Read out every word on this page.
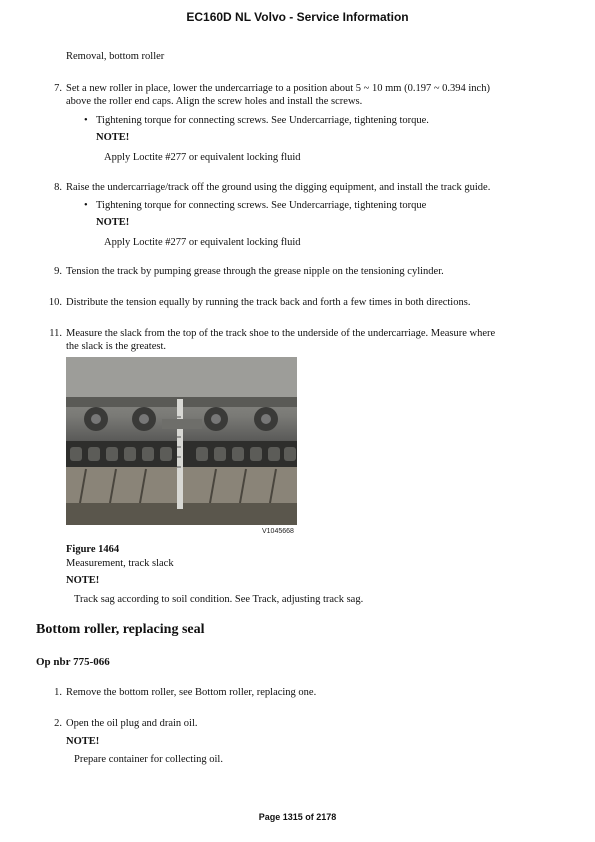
EC160D NL Volvo - Service Information
Removal, bottom roller
7. Set a new roller in place, lower the undercarriage to a position about 5 ~ 10 mm (0.197 ~ 0.394 inch)
above the roller end caps. Align the screw holes and install the screws.
• Tightening torque for connecting screws. See Undercarriage, tightening torque.
NOTE!
Apply Loctite #277 or equivalent locking fluid
8. Raise the undercarriage/track off the ground using the digging equipment, and install the track guide.
• Tightening torque for connecting screws. See Undercarriage, tightening torque
NOTE!
Apply Loctite #277 or equivalent locking fluid
9. Tension the track by pumping grease through the grease nipple on the tensioning cylinder.
10. Distribute the tension equally by running the track back and forth a few times in both directions.
11. Measure the slack from the top of the track shoe to the underside of the undercarriage. Measure where
the slack is the greatest.
V1045668
Figure 1464
Measurement, track slack
NOTE!
Track sag according to soil condition. See Track, adjusting track sag.
Bottom roller, replacing seal
Op nbr 775-066
1. Remove the bottom roller, see Bottom roller, replacing one.
2. Open the oil plug and drain oil.
NOTE!
Prepare container for collecting oil.
Page 1315 of 2178
